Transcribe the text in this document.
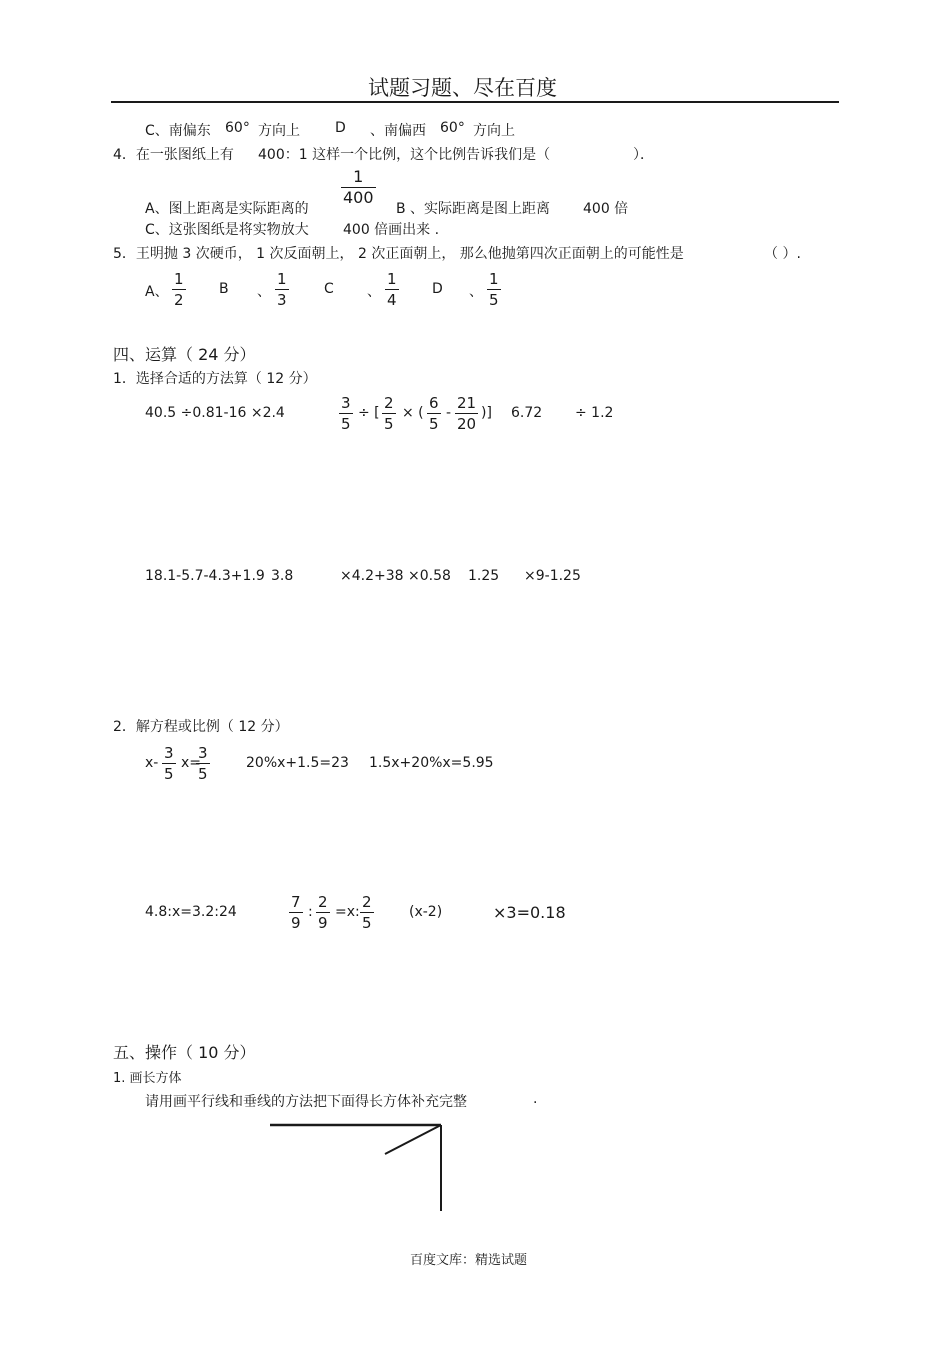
试题习题、尽在百度
C、南偏东 60° 方向上	D 、南偏西 60° 方向上
4．在一张图纸上有 400：1 这样一个比例，这个比例告诉我们是（	）．
1
400
A、图上距离是实际距离的	B 、实际距离是图上距离 400 倍
C、这张图纸是将实物放大 400 倍画出来 .
5．王明抛 3 次硬币， 1 次反面朝上， 2 次正面朝上， 那么他抛第四次正面朝上的可能性是	（ ）.
A、
1
2
B 、
1
3
C 、
1
4
D 、
1
5
四、运算（ 24 分）
1．选择合适的方法算（ 12 分）
40.5 ÷0.81-16 ×2.4
3
5
÷ [
2
5
× (
6
5
-
21
20
)] 6.72 ÷ 1.2
18.1-5.7-4.3+1.9 3.8	×4.2+38 ×0.58 1.25 ×9-1.25
2．解方程或比例（ 12 分）
x-
3
5
x=
3
5
20%x+1.5=23 1.5x+20%x=5.95
4.8:x=3.2:24
7
9
:
2
9
=x:
2
5
(x-2)	×3=0.18
五、操作（ 10 分）
1. 画长方体
请用画平行线和垂线的方法把下面得长方体补充完整	.
百度文库：精选试题
